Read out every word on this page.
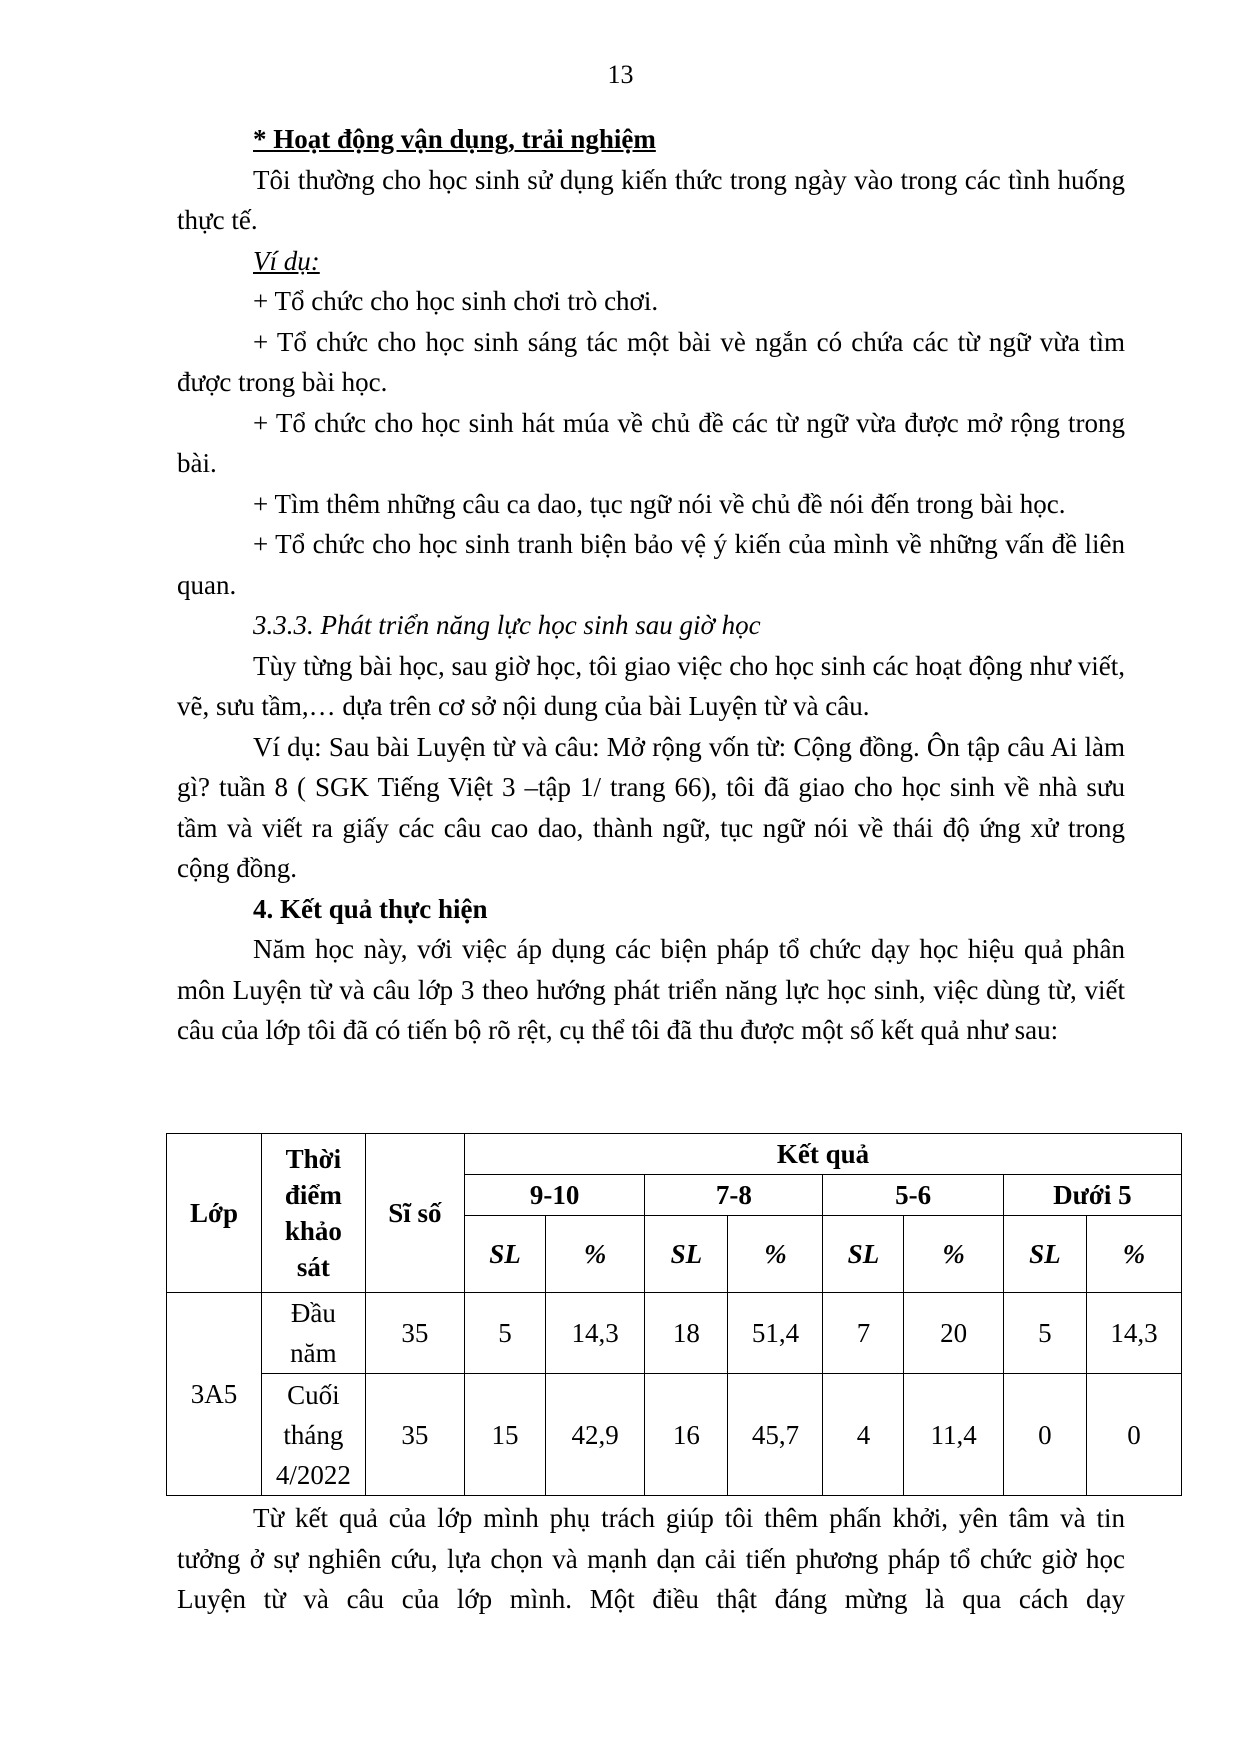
13

* Hoạt động vận dụng, trải nghiệm

Tôi thường cho học sinh sử dụng kiến thức trong ngày vào trong các tình huống thực tế.

Ví dụ:

+ Tổ chức cho học sinh chơi trò chơi.

+ Tổ chức cho học sinh sáng tác một bài vè ngắn có chứa các từ ngữ vừa tìm được trong bài học.

+ Tổ chức cho học sinh hát múa về chủ đề các từ ngữ vừa được mở rộng trong bài.

+ Tìm thêm những câu ca dao, tục ngữ nói về chủ đề nói đến trong bài học.

+ Tổ chức cho học sinh tranh biện bảo vệ ý kiến của mình về những vấn đề liên quan.

3.3.3. Phát triển năng lực học sinh sau giờ học

Tùy từng bài học, sau giờ học, tôi giao việc cho học sinh các hoạt động như viết, vẽ, sưu tầm,… dựa trên cơ sở nội dung của bài Luyện từ và câu.

Ví dụ: Sau bài Luyện từ và câu: Mở rộng vốn từ: Cộng đồng. Ôn tập câu Ai làm gì? tuần 8 ( SGK Tiếng Việt 3 –tập 1/ trang 66), tôi đã giao cho học sinh về nhà sưu tầm và viết ra giấy các câu cao dao, thành ngữ, tục ngữ nói về thái độ ứng xử trong cộng đồng.

4. Kết quả thực hiện

Năm học này, với việc áp dụng các biện pháp tổ chức dạy học hiệu quả phân môn Luyện từ và câu lớp 3 theo hướng phát triển năng lực học sinh, việc dùng từ, viết câu của lớp tôi đã có tiến bộ rõ rệt, cụ thể tôi đã thu được một số kết quả như sau:

Lớp	Thời
điểm
khảo
sát	Sĩ số	Kết quả							
			9-10		7-8		5-6		Dưới 5	
			SL	%	SL	%	SL	%	SL	%
3A5	Đầu
năm	35	5	14,3	18	51,4	7	20	5	14,3
	Cuối
tháng
4/2022	35	15	42,9	16	45,7	4	11,4	0	0

Từ kết quả của lớp mình phụ trách giúp tôi thêm phấn khởi, yên tâm và tin tưởng ở sự nghiên cứu, lựa chọn và mạnh dạn cải tiến phương pháp tổ chức giờ học Luyện từ và câu của lớp mình. Một điều thật đáng mừng là qua cách dạy
